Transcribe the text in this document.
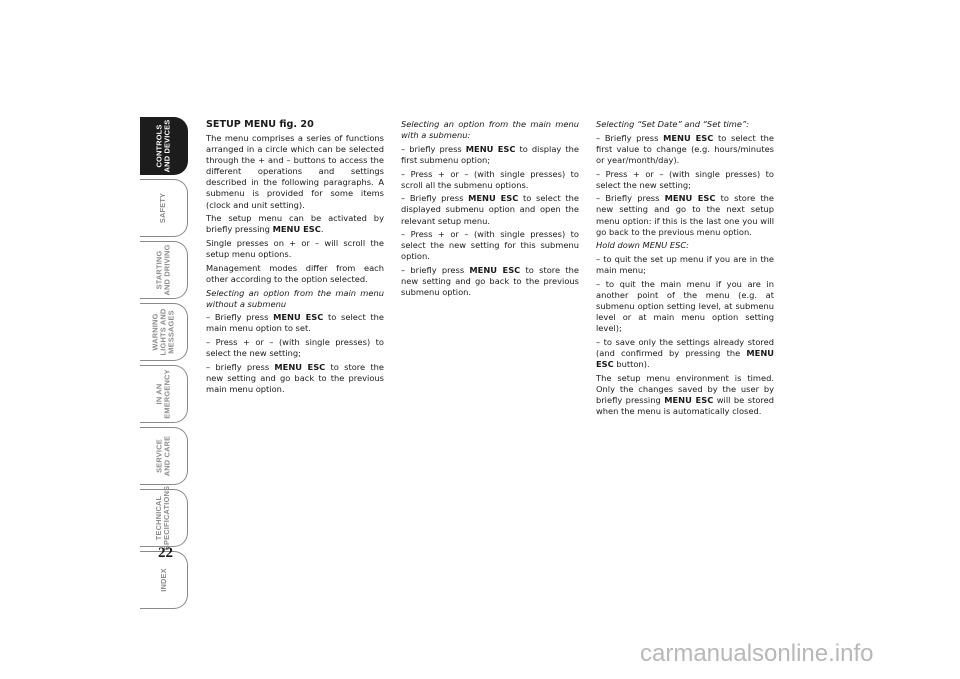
CONTROLS
AND DEVICES
SAFETY
STARTING
AND DRIVING
WARNING
LIGHTS AND
MESSAGES
IN AN
EMERGENCY
SERVICE
AND CARE
TECHNICAL
SPECIFICATIONS
INDEX
22

SETUP MENU fig. 20

The menu comprises a series of functions arranged in a circle which can be selected through the + and – buttons to access the different operations and settings described in the following paragraphs. A submenu is provided for some items (clock and unit setting).

The setup menu can be activated by briefly pressing MENU ESC.

Single presses on + or – will scroll the setup menu options.

Management modes differ from each other according to the option selected.

Selecting an option from the main menu without a submenu

– Briefly press MENU ESC to select the main menu option to set.

– Press + or – (with single presses) to select the new setting;

– briefly press MENU ESC to store the new setting and go back to the previous main menu option.

Selecting an option from the main menu with a submenu:

– briefly press MENU ESC to display the first submenu option;

– Press + or – (with single presses) to scroll all the submenu options.

– Briefly press MENU ESC to select the displayed submenu option and open the relevant setup menu.

– Press + or – (with single presses) to select the new setting for this submenu option.

– briefly press MENU ESC to store the new setting and go back to the previous submenu option.

Selecting “Set Date” and “Set time”:

– Briefly press MENU ESC to select the first value to change (e.g. hours/minutes or year/month/day).

– Press + or – (with single presses) to select the new setting;

– Briefly press MENU ESC to store the new setting and go to the next setup menu option: if this is the last one you will go back to the previous menu option.

Hold down MENU ESC:

– to quit the set up menu if you are in the main menu;

– to quit the main menu if you are in another point of the menu (e.g. at submenu option setting level, at submenu level or at main menu option setting level);

– to save only the settings already stored (and confirmed by pressing the MENU ESC button).

The setup menu environment is timed. Only the changes saved by the user by briefly pressing MENU ESC will be stored when the menu is automatically closed.

carmanualsonline.info
